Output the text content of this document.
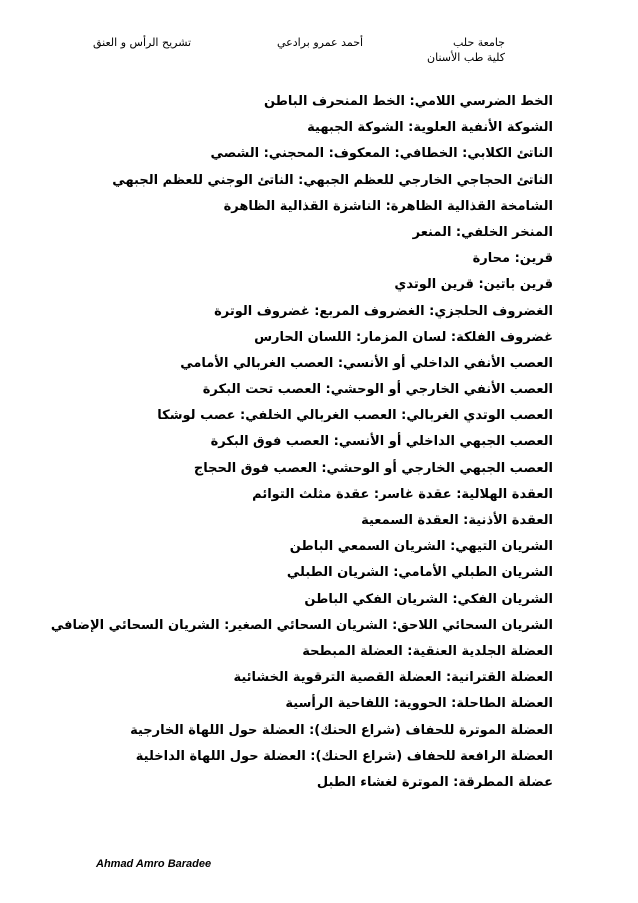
جامعة حلب
كلية طب الأسنان
أحمد عمرو برادعي
تشريح الرأس و العنق
الخط الضرسي اللامي: الخط المنحرف الباطن
الشوكة الأنفية العلوية: الشوكة الجبهية
الناتئ الكلابي: الخطافي: المعكوف: المحجني: الشصي
الناتئ الحجاجي الخارجي للعظم الجبهي: الناتئ الوجني للعظم الجبهي
الشامخة القذالية الظاهرة: الناشزة القذالية الظاهرة
المنخر الخلفي: المنعر
قرين: محارة
قرين باتين: قرين الوتدي
الغضروف الحلجزي: الغضروف المربع: غضروف الوترة
غضروف الفلكة: لسان المزمار: اللسان الحارس
العصب الأنفي الداخلي أو الأنسي: العصب الغربالي الأمامي
العصب الأنفي الخارجي أو الوحشي: العصب تحت البكرة
العصب الوتدي الغربالي: العصب الغربالي الخلفي: عصب لوشكا
العصب الجبهي الداخلي أو الأنسي: العصب فوق البكرة
العصب الجبهي الخارجي أو الوحشي: العصب فوق الحجاج
العقدة الهلالية: عقدة غاسر: عقدة مثلث التوائم
العقدة الأذنية: العقدة السمعية
الشريان التيهي: الشريان السمعي الباطن
الشريان الطبلي الأمامي: الشريان الطبلي
الشريان الفكي: الشريان الفكي الباطن
الشريان السحائي اللاحق: الشريان السحائي الصغير: الشريان السحائي الإضافي
العضلة الجلدية العنقية: العضلة المبطحة
العضلة القترانية: العضلة القصية الترقوية الخشائية
العضلة الطاحلة: الحووية: اللفاحية الرأسية
العضلة الموترة للحفاف (شراع الحنك): العضلة حول اللهاة الخارجية
العضلة الرافعة للحفاف (شراع الحنك): العضلة حول اللهاة الداخلية
عضلة المطرقة: الموترة لغشاء الطبل
Ahmad Amro Baradee
